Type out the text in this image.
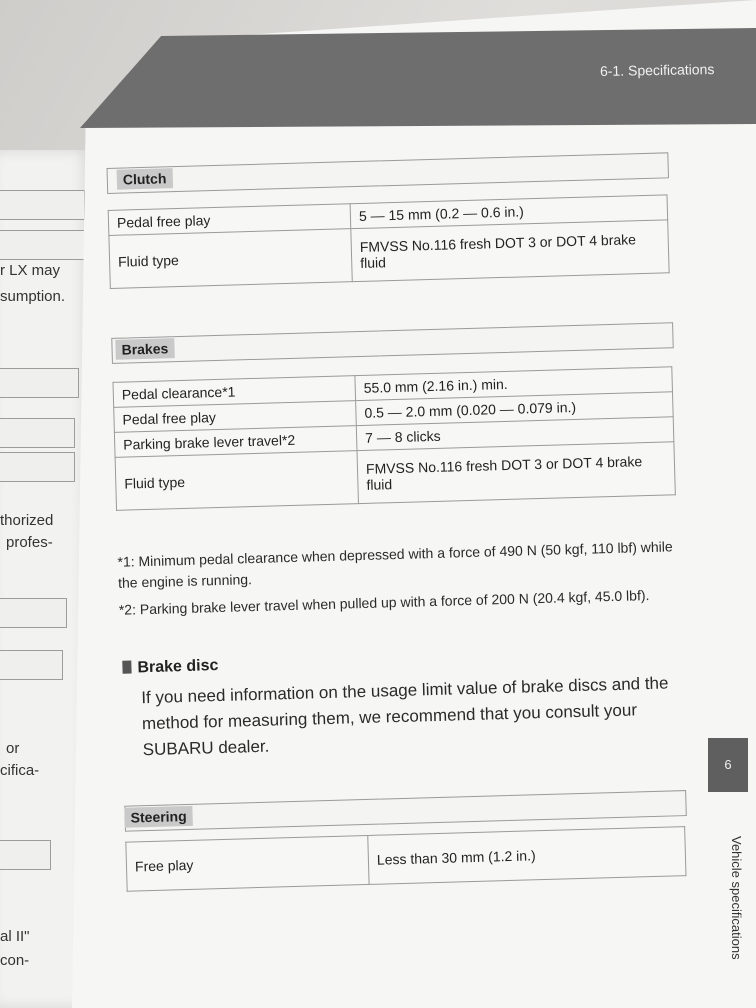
r LX may
sumption.
thorized
profes-
or
cifica-
al II"
con-
6-1. Specifications
Clutch
Pedal free play	5 — 15 mm (0.2 — 0.6 in.)
Fluid type	FMVSS No.116 fresh DOT 3 or DOT 4 brake fluid
Brakes
Pedal clearance*1	55.0 mm (2.16 in.) min.
Pedal free play	0.5 — 2.0 mm (0.020 — 0.079 in.)
Parking brake lever travel*2	7 — 8 clicks
Fluid type	FMVSS No.116 fresh DOT 3 or DOT 4 brake fluid
*1: Minimum pedal clearance when depressed with a force of 490 N (50 kgf, 110 lbf) while the engine is running.
*2: Parking brake lever travel when pulled up with a force of 200 N (20.4 kgf, 45.0 lbf).
Brake disc
If you need information on the usage limit value of brake discs and the method for measuring them, we recommend that you consult your SUBARU dealer.
Steering
Free play	Less than 30 mm (1.2 in.)
6
Vehicle specifications
